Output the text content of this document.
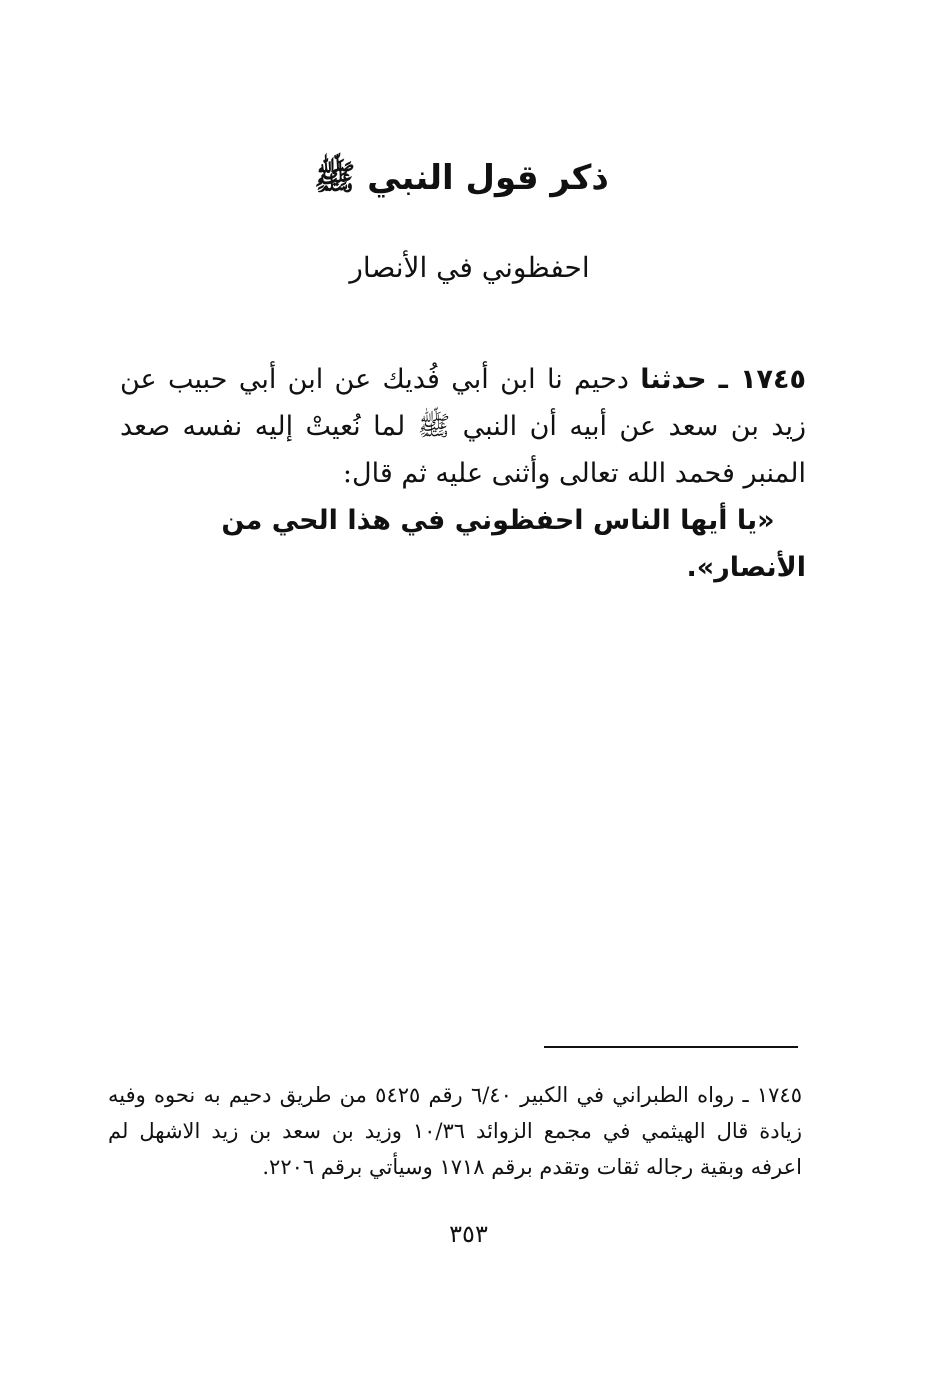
ذكر قول النبي ﷺ
احفظوني في الأنصار

١٧٤٥ ـ حدثنا دحيم نا ابن أبي فُديك عن ابن أبي حبيب عن زيد بن سعد عن أبيه أن النبي ﷺ لما نُعيتْ إليه نفسه صعد المنبر فحمد الله تعالى وأثنى عليه ثم قال:

«يا أيها الناس احفظوني في هذا الحي من الأنصار».

١٧٤٥ ـ رواه الطبراني في الكبير ٦/٤٠ رقم ٥٤٢٥ من طريق دحيم به نحوه وفيه زيادة قال الهيثمي في مجمع الزوائد ١٠/٣٦ وزيد بن سعد بن زيد الاشهل لم اعرفه وبقية رجاله ثقات وتقدم برقم ١٧١٨ وسيأتي برقم ٢٢٠٦.

٣٥٣
